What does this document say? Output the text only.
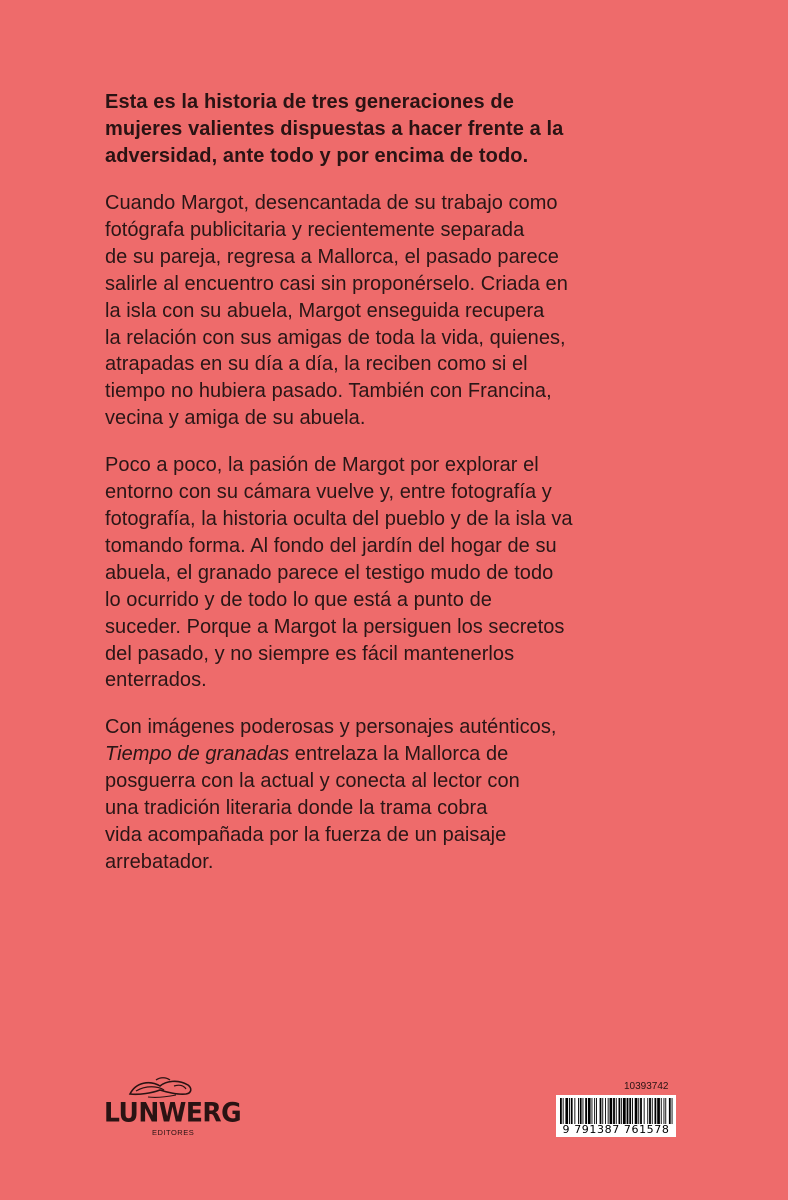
Esta es la historia de tres generaciones de
mujeres valientes dispuestas a hacer frente a la
adversidad, ante todo y por encima de todo.

Cuando Margot, desencantada de su trabajo como
fotógrafa publicitaria y recientemente separada
de su pareja, regresa a Mallorca, el pasado parece
salirle al encuentro casi sin proponérselo. Criada en
la isla con su abuela, Margot enseguida recupera
la relación con sus amigas de toda la vida, quienes,
atrapadas en su día a día, la reciben como si el
tiempo no hubiera pasado. También con Francina,
vecina y amiga de su abuela.

Poco a poco, la pasión de Margot por explorar el
entorno con su cámara vuelve y, entre fotografía y
fotografía, la historia oculta del pueblo y de la isla va
tomando forma. Al fondo del jardín del hogar de su
abuela, el granado parece el testigo mudo de todo
lo ocurrido y de todo lo que está a punto de
suceder. Porque a Margot la persiguen los secretos
del pasado, y no siempre es fácil mantenerlos
enterrados.

Con imágenes poderosas y personajes auténticos,
Tiempo de granadas entrelaza la Mallorca de
posguerra con la actual y conecta al lector con
una tradición literaria donde la trama cobra
vida acompañada por la fuerza de un paisaje
arrebatador.

LUNWERG
EDITORES
10393742
9 791387 761578
